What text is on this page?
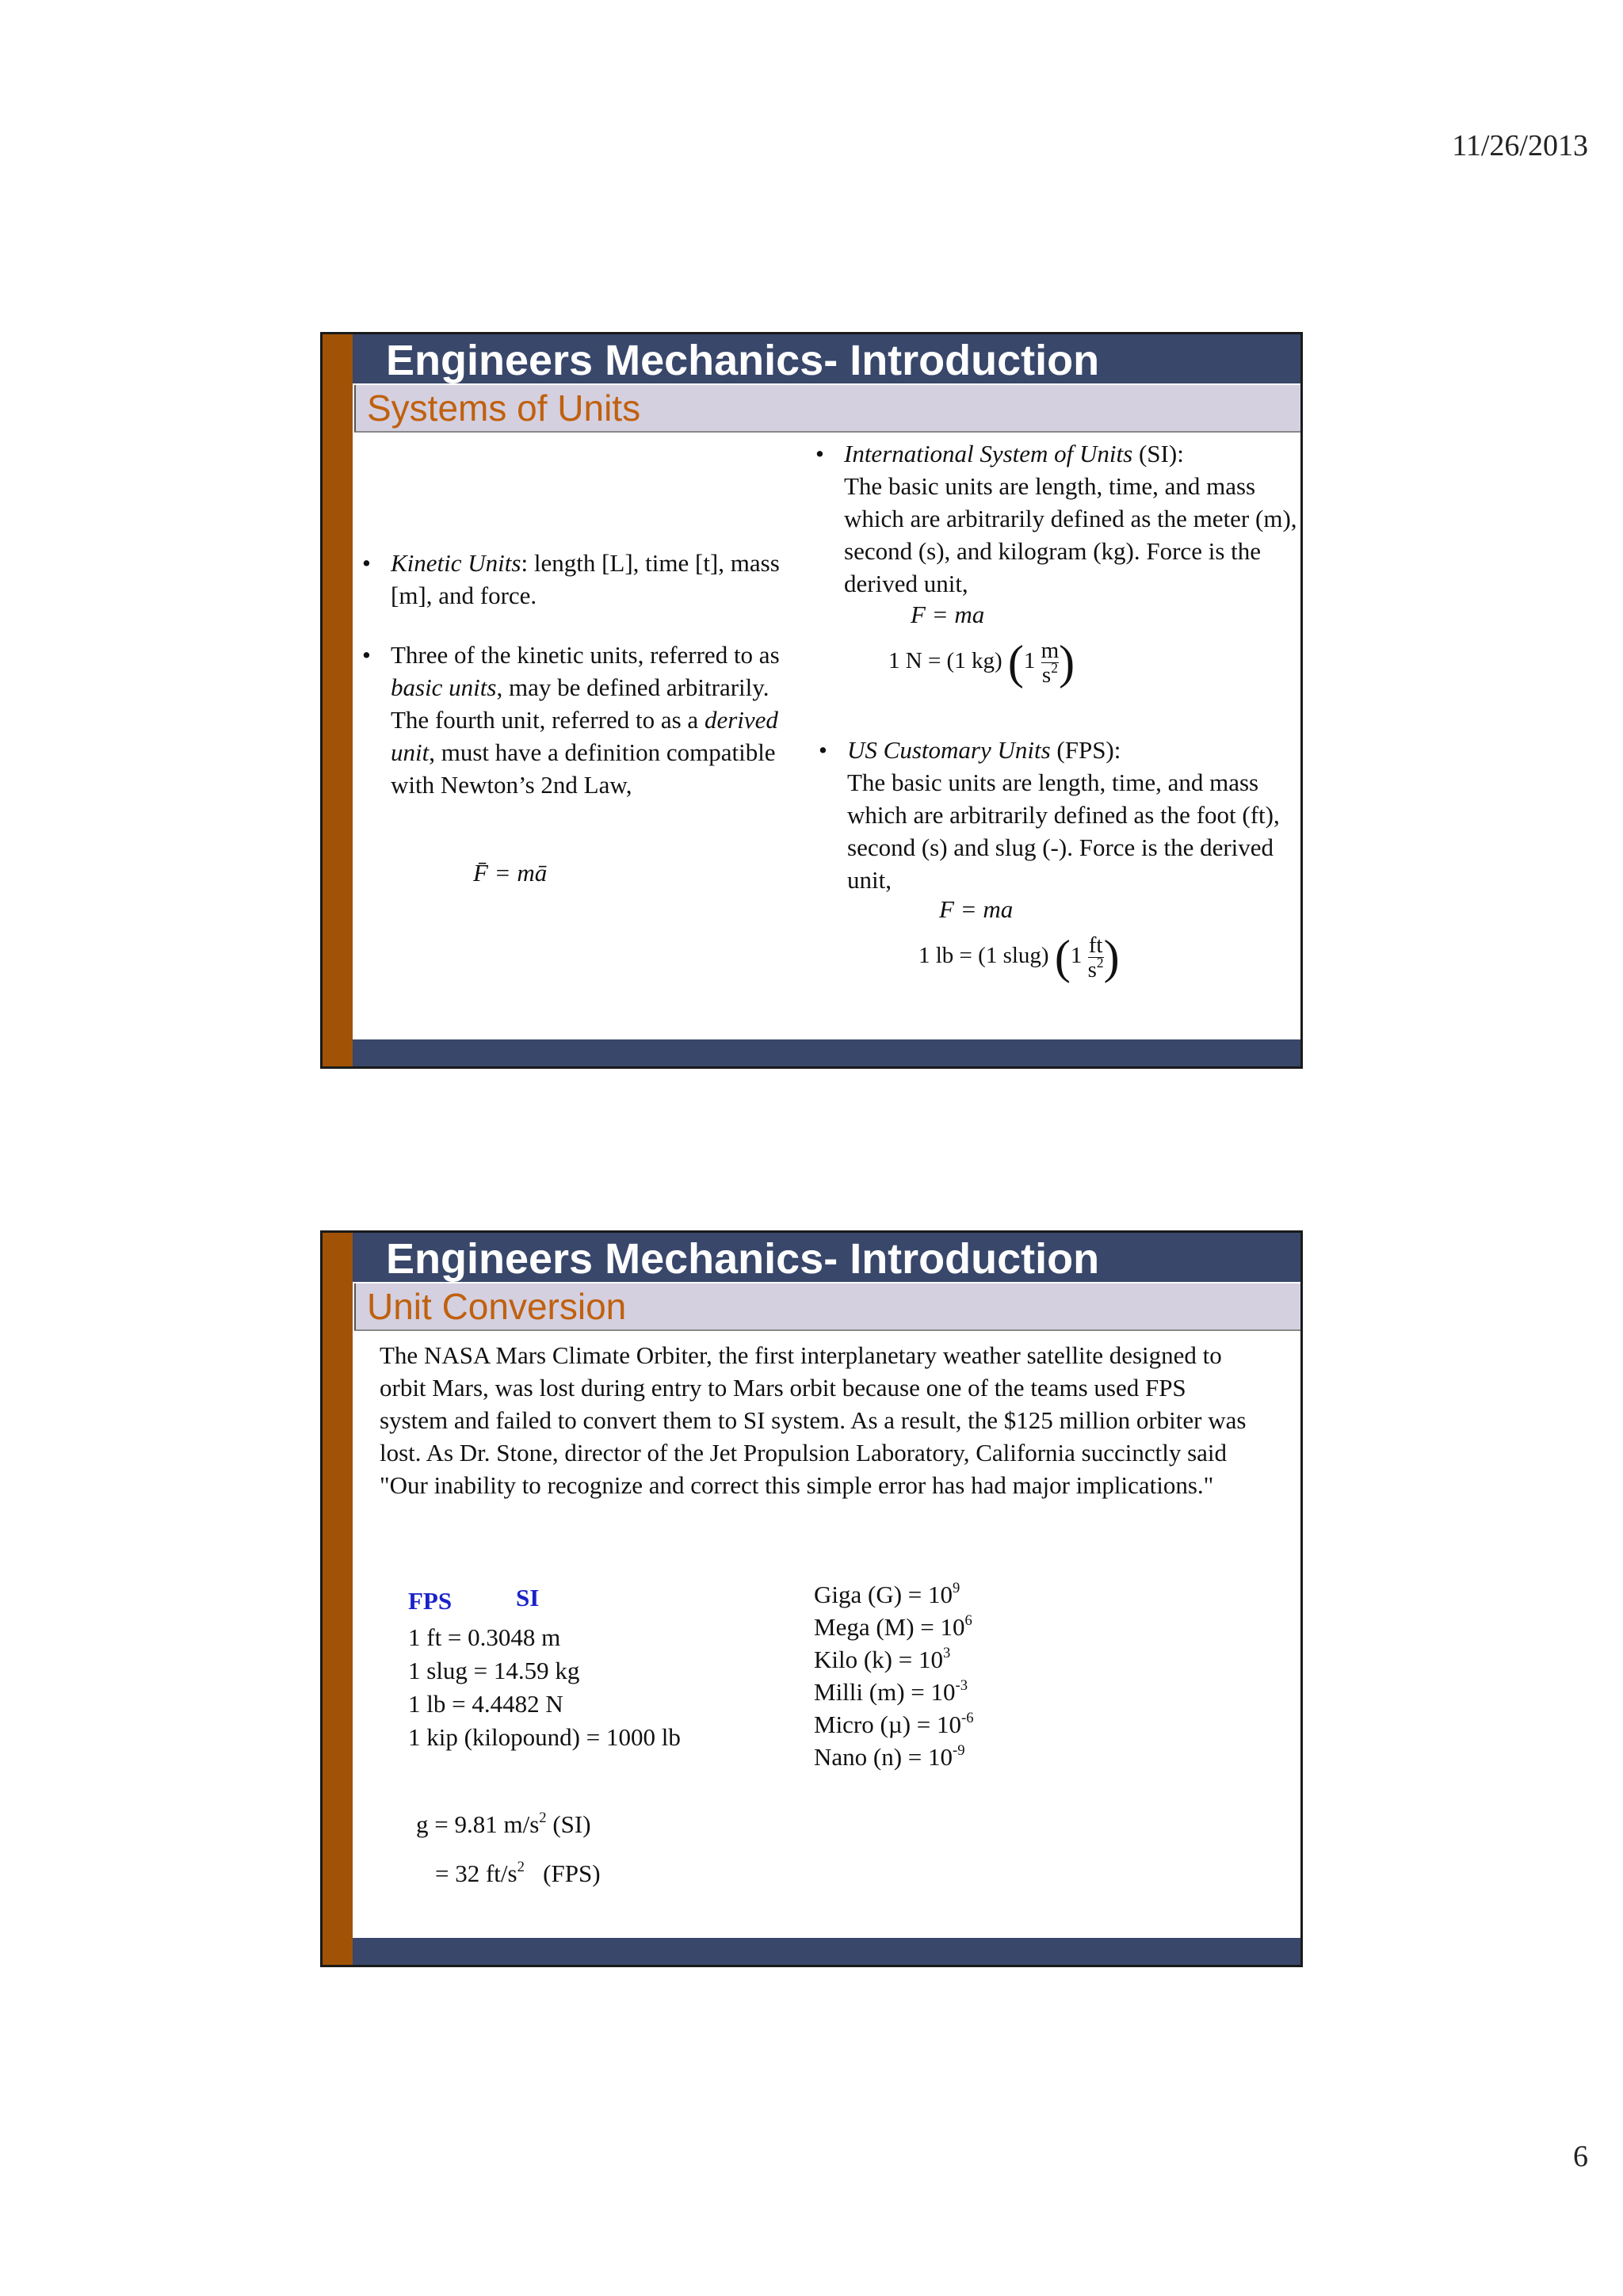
11/26/2013
Engineers Mechanics- Introduction
Systems of Units
• Kinetic Units: length [L], time [t], mass [m], and force.
• Three of the kinetic units, referred to as basic units, may be defined arbitrarily. The fourth unit, referred to as a derived unit, must have a definition compatible with Newton’s 2nd Law,
F̄ = mā
• International System of Units (SI):
The basic units are length, time, and mass which are arbitrarily defined as the meter (m), second (s), and kilogram (kg). Force is the derived unit,
F = ma
1 N = (1 kg) ($1 \frac{m}{s^2}$ )
• US Customary Units (FPS):
The basic units are length, time, and mass which are arbitrarily defined as the foot (ft), second (s) and slug (-). Force is the derived unit,
F = ma
1 lb = (1 slug) ($1 \frac{ft}{s^2}$ )
Engineers Mechanics- Introduction
Unit Conversion
The NASA Mars Climate Orbiter, the first interplanetary weather satellite designed to orbit Mars, was lost during entry to Mars orbit because one of the teams used FPS system and failed to convert them to SI system. As a result, the $125 million orbiter was lost. As Dr. Stone, director of the Jet Propulsion Laboratory, California succinctly said "Our inability to recognize and correct this simple error has had major implications."
FPS	SI
1 ft = 0.3048 m
1 slug = 14.59 kg
1 lb = 4.4482 N
1 kip (kilopound) = 1000 lb
Giga $(G) = 10^9$
Mega $(M) = 10^6$
Kilo $(k) = 10^3$
Milli $(m) = 10^{-3}$
Micro $(\mu) = 10^{-6}$
Nano $(n) = 10^{-9}$
g = 9.81 $m/s^2$ (SI)
= 32 $ft/s^2$   (FPS)
6
